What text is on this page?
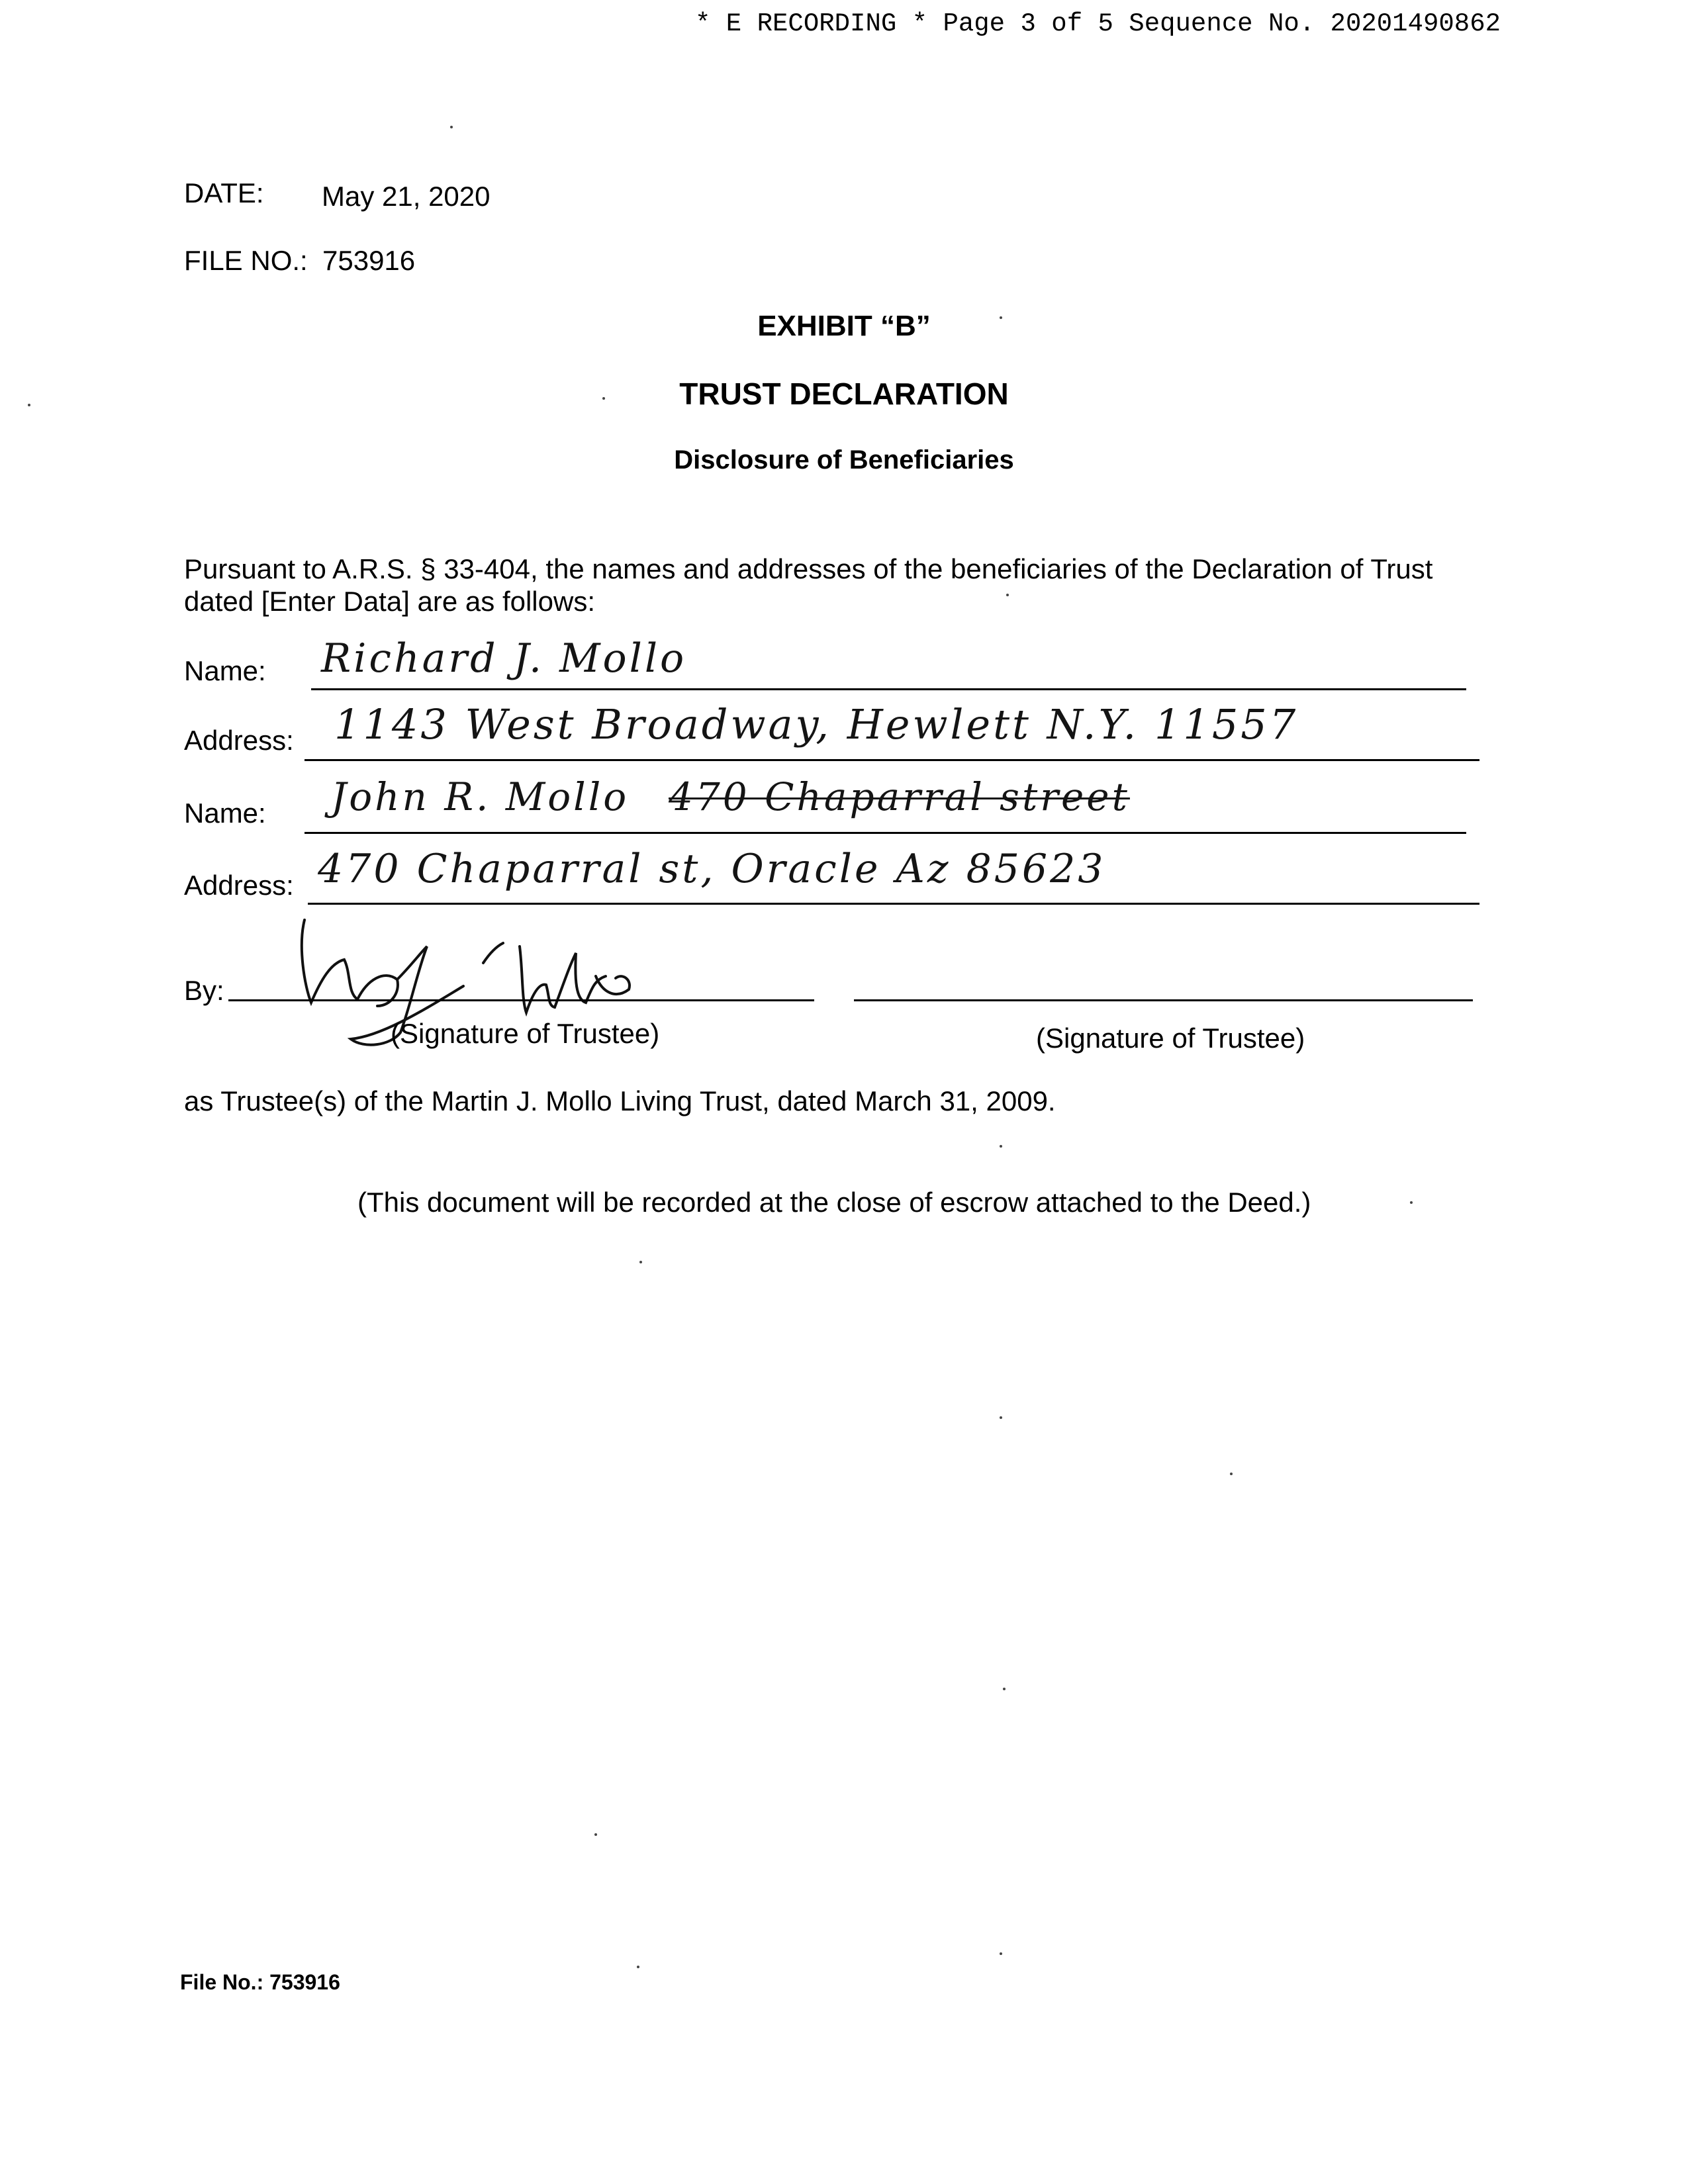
* E RECORDING * Page 3 of 5 Sequence No. 20201490862
DATE: May 21, 2020
FILE NO.: 753916
EXHIBIT “B”
TRUST DECLARATION
Disclosure of Beneficiaries
Pursuant to A.R.S. § 33-404, the names and addresses of the beneficiaries of the Declaration of Trust
dated [Enter Data] are as follows:
Name: Richard J. Mollo
Address: 1143 West Broadway, Hewlett N.Y. 11557
Name: John R. Mollo 470 Chaparral street
Address: 470 Chaparral st, Oracle Az 85623
By:
(Signature of Trustee)	(Signature of Trustee)
as Trustee(s) of the Martin J. Mollo Living Trust, dated March 31, 2009.
(This document will be recorded at the close of escrow attached to the Deed.)
File No.: 753916
